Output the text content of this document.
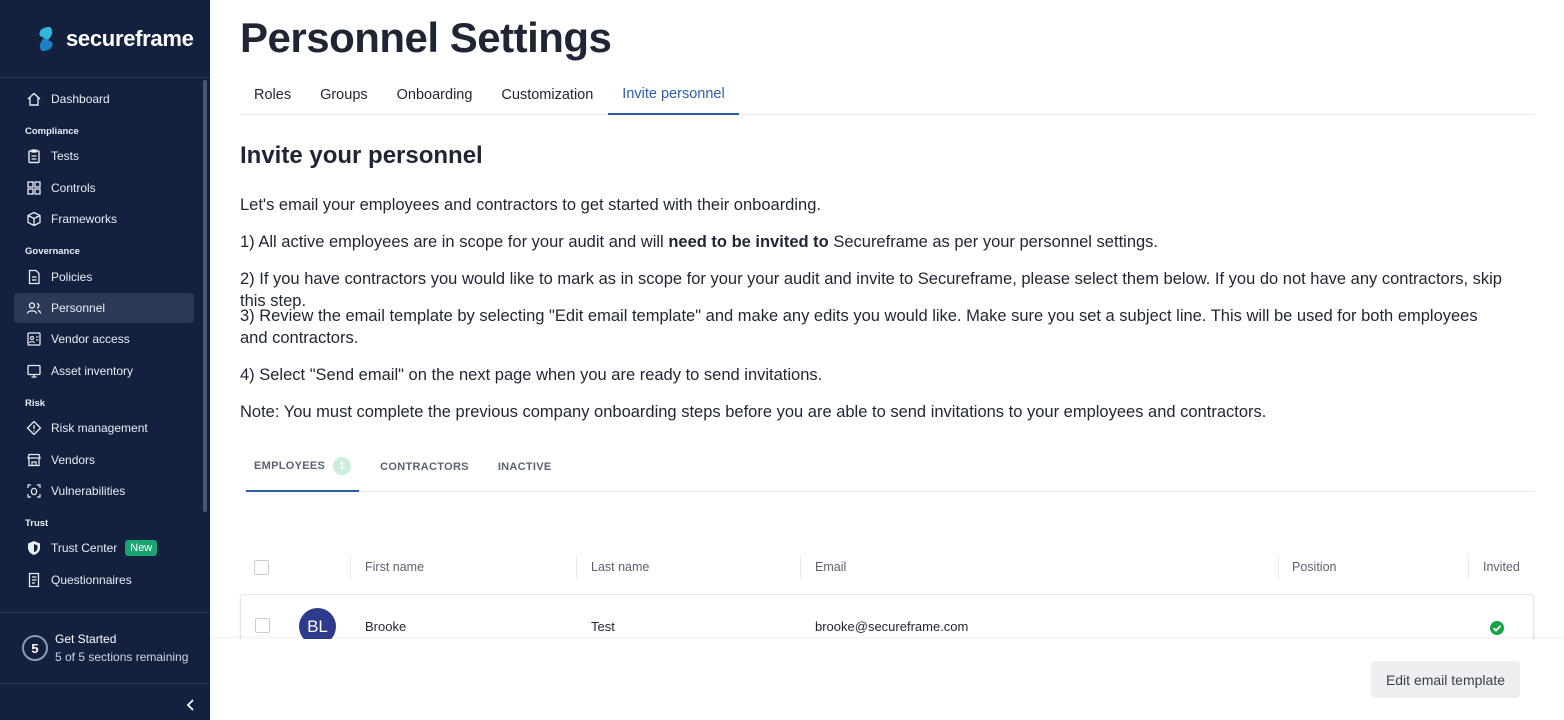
secureframe
Dashboard
Compliance
Tests
Controls
Frameworks
Governance
Policies
Personnel
Vendor access
Asset inventory
Risk
Risk management
Vendors
Vulnerabilities
Trust
Trust Center	New
Questionnaires
5
Get Started
5 of 5 sections remaining
Personnel Settings
Roles	Groups	Onboarding	Customization	Invite personnel
Invite your personnel

Let's email your employees and contractors to get started with their onboarding.

1) All active employees are in scope for your audit and will need to be invited to Secureframe as per your personnel settings.

2) If you have contractors you would like to mark as in scope for your your audit and invite to Secureframe, please select them below. If you do not have any contractors, skip this step.

3) Review the email template by selecting "Edit email template" and make any edits you would like. Make sure you set a subject line. This will be used for both employees and contractors.

4) Select "Send email" on the next page when you are ready to send invitations.

Note: You must complete the previous company onboarding steps before you are able to send invitations to your employees and contractors.

EMPLOYEES	1	CONTRACTORS	INACTIVE
First name	Last name	Email	Position	Invited
BL	Brooke	Test	brooke@secureframe.com
Edit email template
